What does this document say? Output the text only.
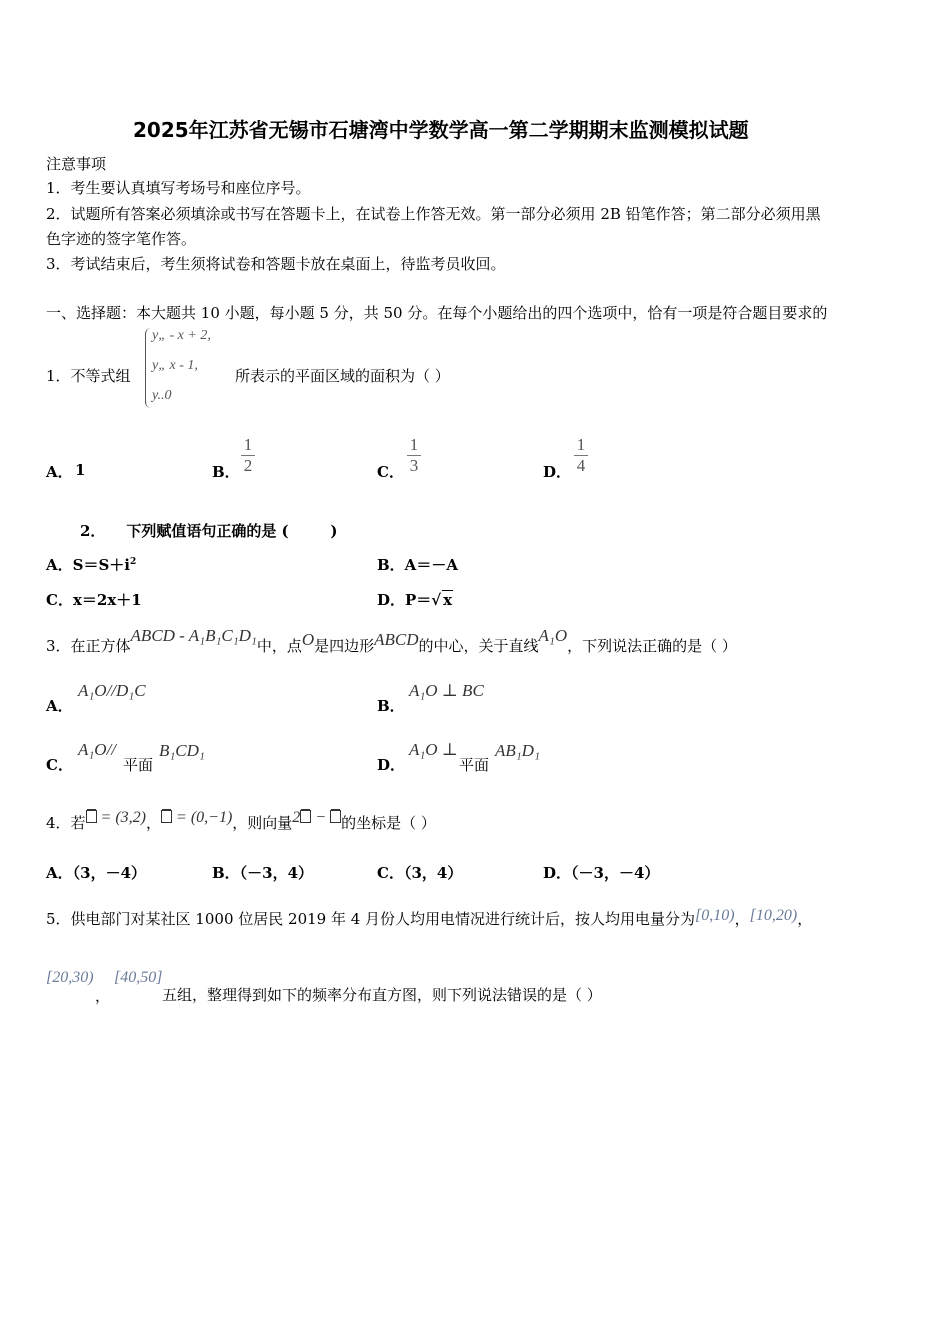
2025年江苏省无锡市石塘湾中学数学高一第二学期期末监测模拟试题
注意事项
1．考生要认真填写考场号和座位序号。
2．试题所有答案必须填涂或书写在答题卡上，在试卷上作答无效。第一部分必须用 2B 铅笔作答；第二部分必须用黑
色字迹的签字笔作答。
3．考试结束后，考生须将试卷和答题卡放在桌面上，待监考员收回。
一、选择题：本大题共 10 小题，每小题 5 分，共 50 分。在每个小题给出的四个选项中，恰有一项是符合题目要求的
1．不等式组
y„ - x + 2,
y„ x - 1,
y..0
所表示的平面区域的面积为（ ）
A． 1	B．
1
2	C．
1
3	D．
1
4
2．    下列赋值语句正确的是 (        )
A．$S=S+i^2$	B．A＝－A
C．x＝2x＋1	D．P＝√ x
3．在正方体ABCD - A₁B₁C₁D₁中，点O是四边形ABCD的中心，关于直线A₁O，下列说法正确的是（ ）
A．
A₁O//D₁C
B．
A₁O ⊥ BC
C．
A₁O//
平面
B₁CD₁
D．
A₁O ⊥
平面
AB₁D₁
4．若 = (3,2)， = (0,−1)，则向量2 − 的坐标是（ ）
A．（3，－4）	B．（－3，4）	C．（3，4）	D．（－3，－4）
5．供电部门对某社区 1000 位居民 2019 年 4 月份人均用电情况进行统计后，按人均用电量分为[0,10)，[10,20)，
[20,30)
，
[40,50]
五组，整理得到如下的频率分布直方图，则下列说法错误的是（ ）
